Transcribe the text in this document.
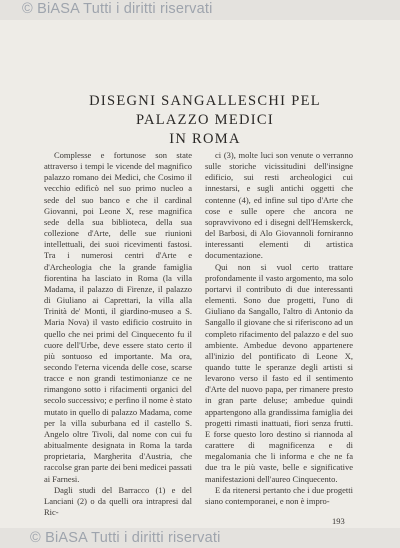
© BiASA Tutti i diritti riservati
DISEGNI SANGALLESCHI PEL PALAZZO MEDICI
IN ROMA

Complesse e fortunose son state attraverso i tempi le vicende del magnifico palazzo romano dei Medici, che Cosimo il vecchio edificò nel suo primo nucleo a sede del suo banco e che il cardinal Giovanni, poi Leone X, rese magnifica sede della sua biblioteca, della sua collezione d'Arte, delle sue riunioni intellettuali, dei suoi ricevimenti fastosi. Tra i numerosi centri d'Arte e d'Archeologia che la grande famiglia fiorentina ha lasciato in Roma (la villa Madama, il palazzo di Firenze, il palazzo di Giuliano ai Caprettari, la villa alla Trinità de' Monti, il giardino-museo a S. Maria Nova) il vasto edificio costruito in quello che nei primi del Cinquecento fu il cuore dell'Urbe, deve essere stato certo il più sontuoso ed importante. Ma ora, secondo l'eterna vicenda delle cose, scarse tracce e non grandi testimonianze ce ne rimangono sotto i rifacimenti organici del secolo successivo; e perfino il nome è stato mutato in quello di palazzo Madama, come per la villa suburbana ed il castello S. Angelo oltre Tivoli, dal nome con cui fu abitualmente designata in Roma la tarda proprietaria, Margherita d'Austria, che raccolse gran parte dei beni medicei passati ai Farnesi.

Dagli studi del Barracco (1) e del Lanciani (2) o da quelli ora intrapresi dal Ric-

ci (3), molte luci son venute o verranno sulle storiche vicissitudini dell'insigne edificio, sui resti archeologici cui innestarsi, e sugli antichi oggetti che contenne (4), ed infine sul tipo d'Arte che cose e sulle opere che ancora ne sopravvivono ed i disegni dell'Hemskerck, del Barbosi, di Alo Giovannoli forniranno interessanti elementi di artistica documentazione.

Qui non si vuol certo trattare profondamente il vasto argomento, ma solo portarvi il contributo di due interessanti elementi. Sono due progetti, l'uno di Giuliano da Sangallo, l'altro di Antonio da Sangallo il giovane che si riferiscono ad un completo rifacimento del palazzo e del suo ambiente. Ambedue devono appartenere all'inizio del pontificato di Leone X, quando tutte le speranze degli artisti si levarono verso il fasto ed il sentimento d'Arte del nuovo papa, per rimanere presto in gran parte deluse; ambedue quindi appartengono alla grandissima famiglia dei progetti rimasti inattuati, fiori senza frutti. E forse questo loro destino si riannoda al carattere di magnificenza e di megalomania che li informa e che ne fa due tra le più vaste, belle e significative manifestazioni dell'aureo Cinquecento.

E da ritenersi pertanto che i due progetti siano contemporanei, e non è impro-

193
© BiASA Tutti i diritti riservati
